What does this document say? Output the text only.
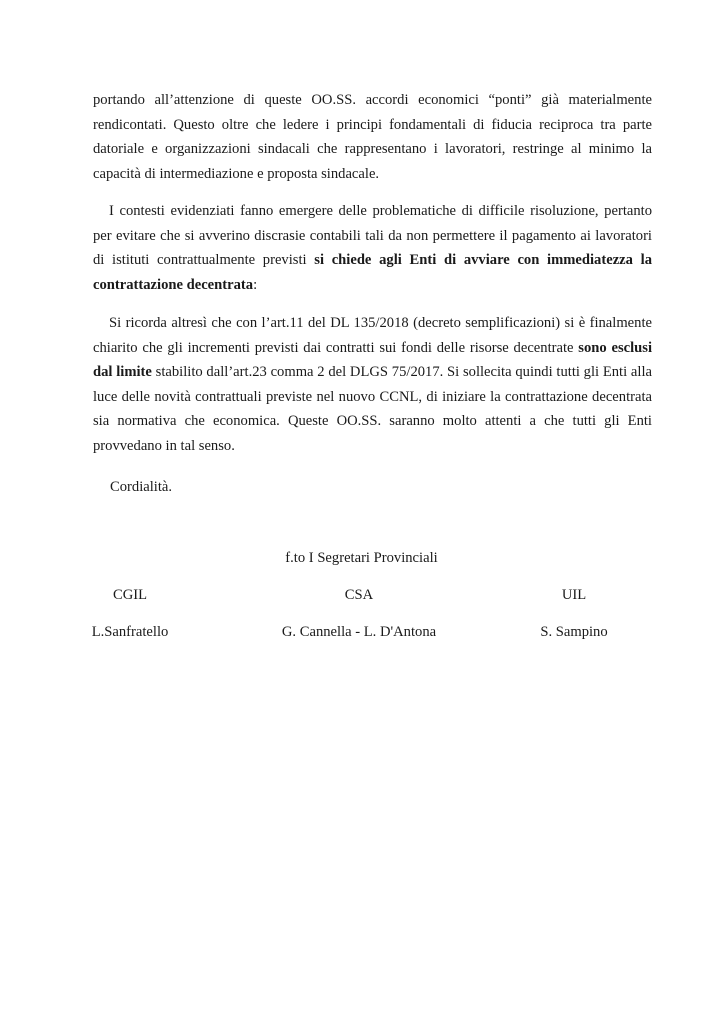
portando all’attenzione di queste OO.SS. accordi economici “ponti” già materialmente rendicontati. Questo oltre che ledere i principi fondamentali di fiducia reciproca tra parte datoriale e organizzazioni sindacali che rappresentano i lavoratori, restringe al minimo la capacità di intermediazione e proposta sindacale.

I contesti evidenziati fanno emergere delle problematiche di difficile risoluzione, pertanto per evitare che si avverino discrasie contabili tali da non permettere il pagamento ai lavoratori di istituti contrattualmente previsti si chiede agli Enti di avviare con immediatezza la contrattazione decentrata:

Si ricorda altresì che con l’art.11 del DL 135/2018 (decreto semplificazioni) si è finalmente chiarito che gli incrementi previsti dai contratti sui fondi delle risorse decentrate sono esclusi dal limite stabilito dall’art.23 comma 2 del DLGS 75/2017. Si sollecita quindi tutti gli Enti alla luce delle novità contrattuali previste nel nuovo CCNL, di iniziare la contrattazione decentrata sia normativa che economica. Queste OO.SS. saranno molto attenti a che tutti gli Enti provvedano in tal senso.

Cordialità.

f.to I Segretari Provinciali
CGIL	CSA	UIL
L.Sanfratello	G. Cannella - L. D'Antona	S. Sampino
